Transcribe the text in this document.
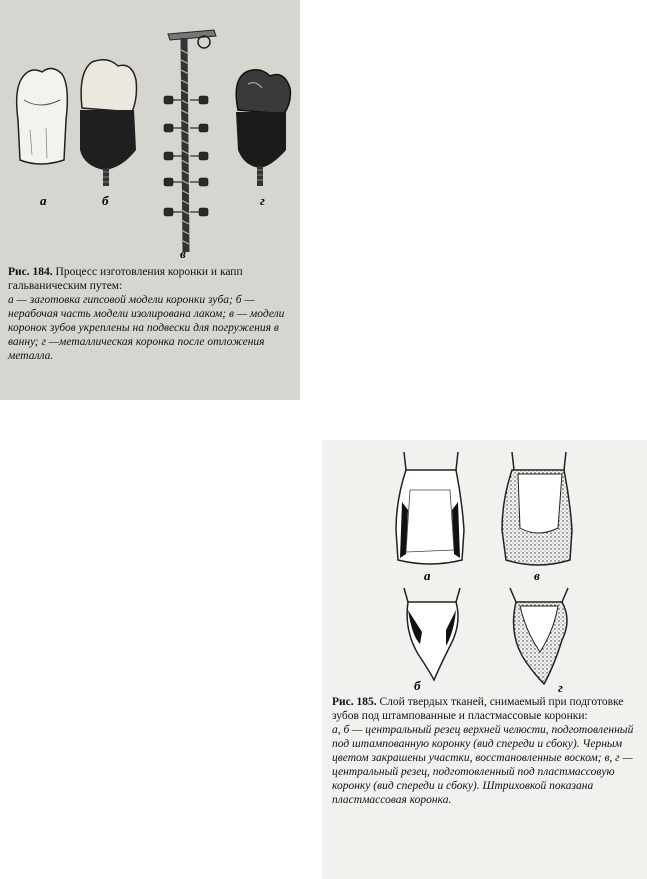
а	б
в
г
Рис. 184. Процесс изготовления коронки и капп гальваническим путем:
а — заготовка гипсовой модели коронки зуба; б — нерабочая часть модели изолирована лаком; в — модели коронок зубов укреплены на подвески для погружения в ванну; г —металлическая коронка после отложения металла.
а	в
б	г
Рис. 185. Слой твердых тканей, снимаемый при подготовке зубов под штампованные и пластмассовые коронки:
а, б — центральный резец верхней челюсти, подготовленный под штампованную коронку (вид спереди и сбоку). Черным цветом закрашены участки, восстановленные воском; в, г — центральный резец, подготовленный под пластмассовую коронку (вид спереди и сбоку). Штриховкой показана пластмассовая коронка.
